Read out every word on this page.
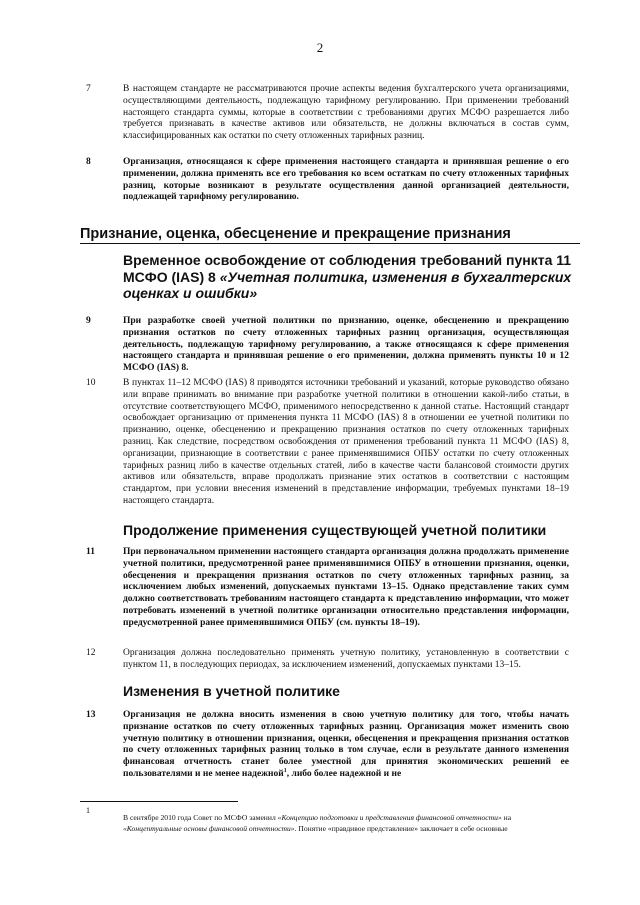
2
7	В настоящем стандарте не рассматриваются прочие аспекты ведения бухгалтерского учета организациями, осуществляющими деятельность, подлежащую тарифному регулированию. При применении требований настоящего стандарта суммы, которые в соответствии с требованиями других МСФО разрешается либо требуется признавать в качестве активов или обязательств, не должны включаться в состав сумм, классифицированных как остатки по счету отложенных тарифных разниц.
8	Организация, относящаяся к сфере применения настоящего стандарта и принявшая решение о его применении, должна применять все его требования ко всем остаткам по счету отложенных тарифных разниц, которые возникают в результате осуществления данной организацией деятельности, подлежащей тарифному регулированию.
Признание, оценка, обесценение и прекращение признания
Временное освобождение от соблюдения требований пункта 11 МСФО (IAS) 8 «Учетная политика, изменения в бухгалтерских оценках и ошибки»
9	При разработке своей учетной политики по признанию, оценке, обесценению и прекращению признания остатков по счету отложенных тарифных разниц организация, осуществляющая деятельность, подлежащую тарифному регулированию, а также относящаяся к сфере применения настоящего стандарта и принявшая решение о его применении, должна применять пункты 10 и 12 МСФО (IAS) 8.
10	В пунктах 11–12 МСФО (IAS) 8 приводятся источники требований и указаний, которые руководство обязано или вправе принимать во внимание при разработке учетной политики в отношении какой-либо статьи, в отсутствие соответствующего МСФО, применимого непосредственно к данной статье. Настоящий стандарт освобождает организацию от применения пункта 11 МСФО (IAS) 8 в отношении ее учетной политики по признанию, оценке, обесценению и прекращению признания остатков по счету отложенных тарифных разниц. Как следствие, посредством освобождения от применения требований пункта 11 МСФО (IAS) 8, организации, признающие в соответствии с ранее применявшимися ОПБУ остатки по счету отложенных тарифных разниц либо в качестве отдельных статей, либо в качестве части балансовой стоимости других активов или обязательств, вправе продолжать признание этих остатков в соответствии с настоящим стандартом, при условии внесения изменений в представление информации, требуемых пунктами 18–19 настоящего стандарта.
Продолжение применения существующей учетной политики
11	При первоначальном применении настоящего стандарта организация должна продолжать применение учетной политики, предусмотренной ранее применявшимися ОПБУ в отношении признания, оценки, обесценения и прекращения признания остатков по счету отложенных тарифных разниц, за исключением любых изменений, допускаемых пунктами 13–15. Однако представление таких сумм должно соответствовать требованиям настоящего стандарта к представлению информации, что может потребовать изменений в учетной политике организации относительно представления информации, предусмотренной ранее применявшимися ОПБУ (см. пункты 18–19).
12	Организация должна последовательно применять учетную политику, установленную в соответствии с пунктом 11, в последующих периодах, за исключением изменений, допускаемых пунктами 13–15.
Изменения в учетной политике
13	Организация не должна вносить изменения в свою учетную политику для того, чтобы начать признание остатков по счету отложенных тарифных разниц. Организация может изменить свою учетную политику в отношении признания, оценки, обесценения и прекращения признания остатков по счету отложенных тарифных разниц только в том случае, если в результате данного изменения финансовая отчетность станет более уместной для принятия экономических решений ее пользователями и не менее надежной$^1$, либо более надежной и не
1
В сентябре 2010 года Совет по МСФО заменил «Концепцию подготовки и представления финансовой отчетности» на «Концептуальные основы финансовой отчетности». Понятие «правдивое представление» заключает в себе основные
